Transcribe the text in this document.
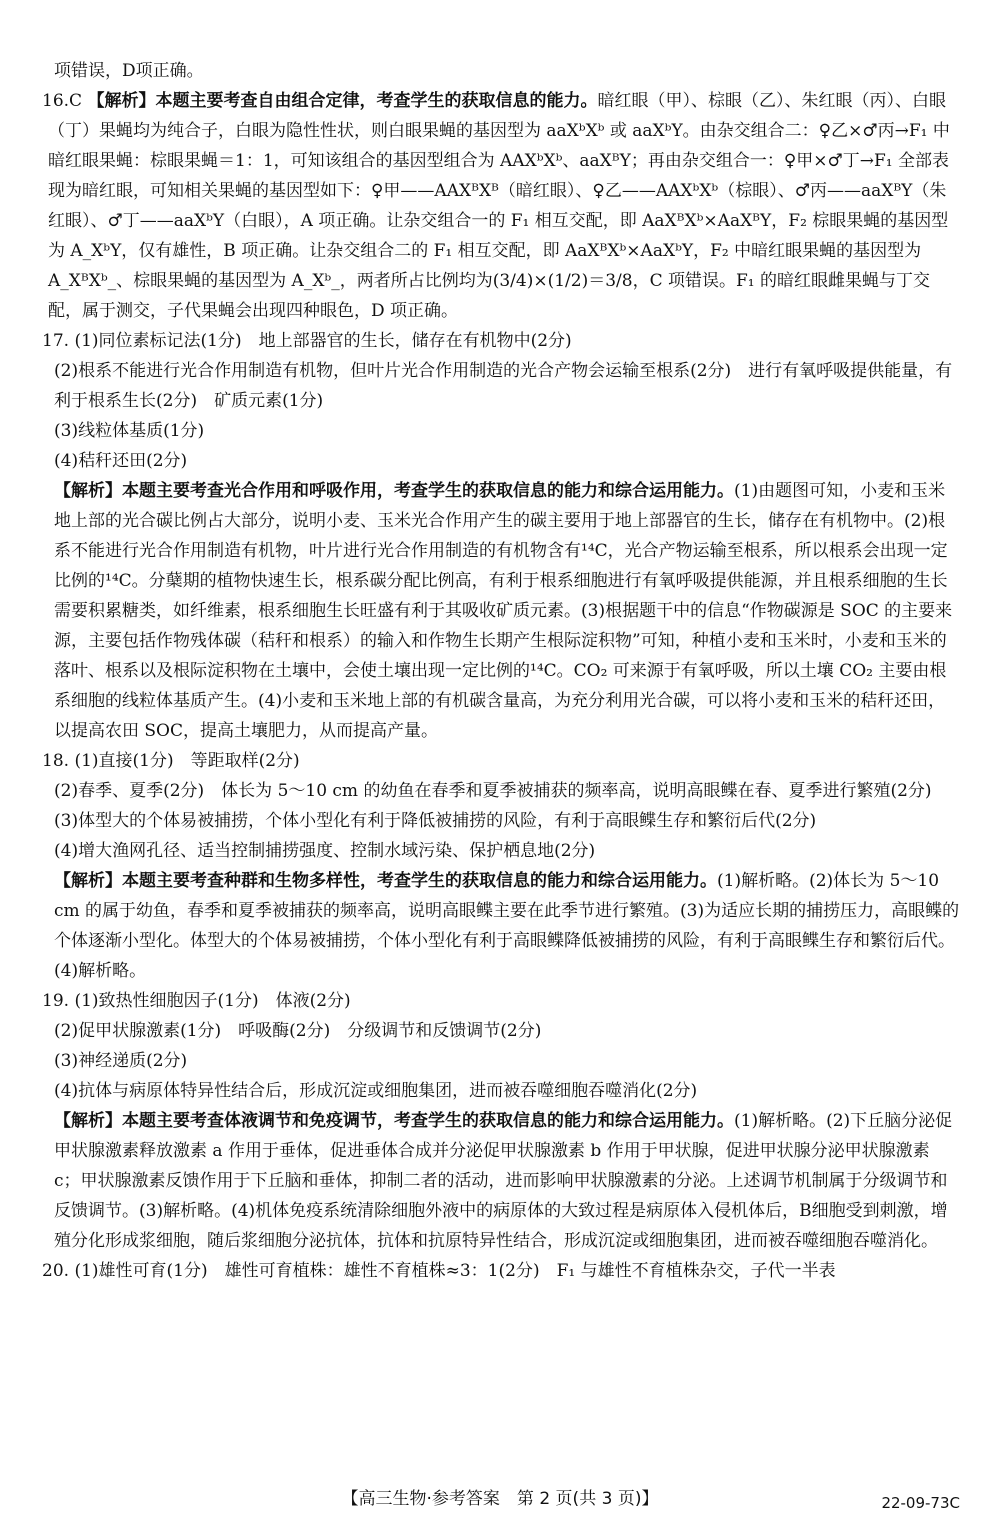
项错误，D项正确。

16.C 【解析】本题主要考查自由组合定律，考查学生的获取信息的能力。暗红眼（甲）、棕眼（乙）、朱红眼（丙）、白眼（丁）果蝇均为纯合子，白眼为隐性性状，则白眼果蝇的基因型为 aaXᵇXᵇ 或 aaXᵇY。由杂交组合二：♀乙×♂丙→F₁ 中暗红眼果蝇：棕眼果蝇＝1：1，可知该组合的基因型组合为 AAXᵇXᵇ、aaXᴮY；再由杂交组合一：♀甲×♂丁→F₁ 全部表现为暗红眼，可知相关果蝇的基因型如下：♀甲——AAXᴮXᴮ（暗红眼）、♀乙——AAXᵇXᵇ（棕眼）、♂丙——aaXᴮY（朱红眼）、♂丁——aaXᵇY（白眼），A 项正确。让杂交组合一的 F₁ 相互交配，即 AaXᴮXᵇ×AaXᴮY，F₂ 棕眼果蝇的基因型为 A_XᵇY，仅有雄性，B 项正确。让杂交组合二的 F₁ 相互交配，即 AaXᴮXᵇ×AaXᵇY，F₂ 中暗红眼果蝇的基因型为 A_XᴮXᵇ_、棕眼果蝇的基因型为 A_Xᵇ_，两者所占比例均为(3/4)×(1/2)＝3/8，C 项错误。F₁ 的暗红眼雌果蝇与丁交配，属于测交，子代果蝇会出现四种眼色，D 项正确。

17. (1)同位素标记法(1分)　地上部器官的生长，储存在有机物中(2分)

(2)根系不能进行光合作用制造有机物，但叶片光合作用制造的光合产物会运输至根系(2分)　进行有氧呼吸提供能量，有利于根系生长(2分)　矿质元素(1分)

(3)线粒体基质(1分)

(4)秸秆还田(2分)

【解析】本题主要考查光合作用和呼吸作用，考查学生的获取信息的能力和综合运用能力。(1)由题图可知，小麦和玉米地上部的光合碳比例占大部分，说明小麦、玉米光合作用产生的碳主要用于地上部器官的生长，储存在有机物中。(2)根系不能进行光合作用制造有机物，叶片进行光合作用制造的有机物含有¹⁴C，光合产物运输至根系，所以根系会出现一定比例的¹⁴C。分蘖期的植物快速生长，根系碳分配比例高，有利于根系细胞进行有氧呼吸提供能源，并且根系细胞的生长需要积累糖类，如纤维素，根系细胞生长旺盛有利于其吸收矿质元素。(3)根据题干中的信息“作物碳源是 SOC 的主要来源，主要包括作物残体碳（秸秆和根系）的输入和作物生长期产生根际淀积物”可知，种植小麦和玉米时，小麦和玉米的落叶、根系以及根际淀积物在土壤中，会使土壤出现一定比例的¹⁴C。CO₂ 可来源于有氧呼吸，所以土壤 CO₂ 主要由根系细胞的线粒体基质产生。(4)小麦和玉米地上部的有机碳含量高，为充分利用光合碳，可以将小麦和玉米的秸秆还田，以提高农田 SOC，提高土壤肥力，从而提高产量。

18. (1)直接(1分)　等距取样(2分)

(2)春季、夏季(2分)　体长为 5～10 cm 的幼鱼在春季和夏季被捕获的频率高，说明高眼鲽在春、夏季进行繁殖(2分)

(3)体型大的个体易被捕捞，个体小型化有利于降低被捕捞的风险，有利于高眼鲽生存和繁衍后代(2分)

(4)增大渔网孔径、适当控制捕捞强度、控制水域污染、保护栖息地(2分)

【解析】本题主要考查种群和生物多样性，考查学生的获取信息的能力和综合运用能力。(1)解析略。(2)体长为 5～10 cm 的属于幼鱼，春季和夏季被捕获的频率高，说明高眼鲽主要在此季节进行繁殖。(3)为适应长期的捕捞压力，高眼鲽的个体逐渐小型化。体型大的个体易被捕捞，个体小型化有利于高眼鲽降低被捕捞的风险，有利于高眼鲽生存和繁衍后代。(4)解析略。

19. (1)致热性细胞因子(1分)　体液(2分)

(2)促甲状腺激素(1分)　呼吸酶(2分)　分级调节和反馈调节(2分)

(3)神经递质(2分)

(4)抗体与病原体特异性结合后，形成沉淀或细胞集团，进而被吞噬细胞吞噬消化(2分)

【解析】本题主要考查体液调节和免疫调节，考查学生的获取信息的能力和综合运用能力。(1)解析略。(2)下丘脑分泌促甲状腺激素释放激素 a 作用于垂体，促进垂体合成并分泌促甲状腺激素 b 作用于甲状腺，促进甲状腺分泌甲状腺激素 c；甲状腺激素反馈作用于下丘脑和垂体，抑制二者的活动，进而影响甲状腺激素的分泌。上述调节机制属于分级调节和反馈调节。(3)解析略。(4)机体免疫系统清除细胞外液中的病原体的大致过程是病原体入侵机体后，B细胞受到刺激，增殖分化形成浆细胞，随后浆细胞分泌抗体，抗体和抗原特异性结合，形成沉淀或细胞集团，进而被吞噬细胞吞噬消化。

20. (1)雄性可育(1分)　雄性可育植株：雄性不育植株≈3：1(2分)　F₁ 与雄性不育植株杂交，子代一半表

【高三生物·参考答案　第 2 页(共 3 页)】	22-09-73C
